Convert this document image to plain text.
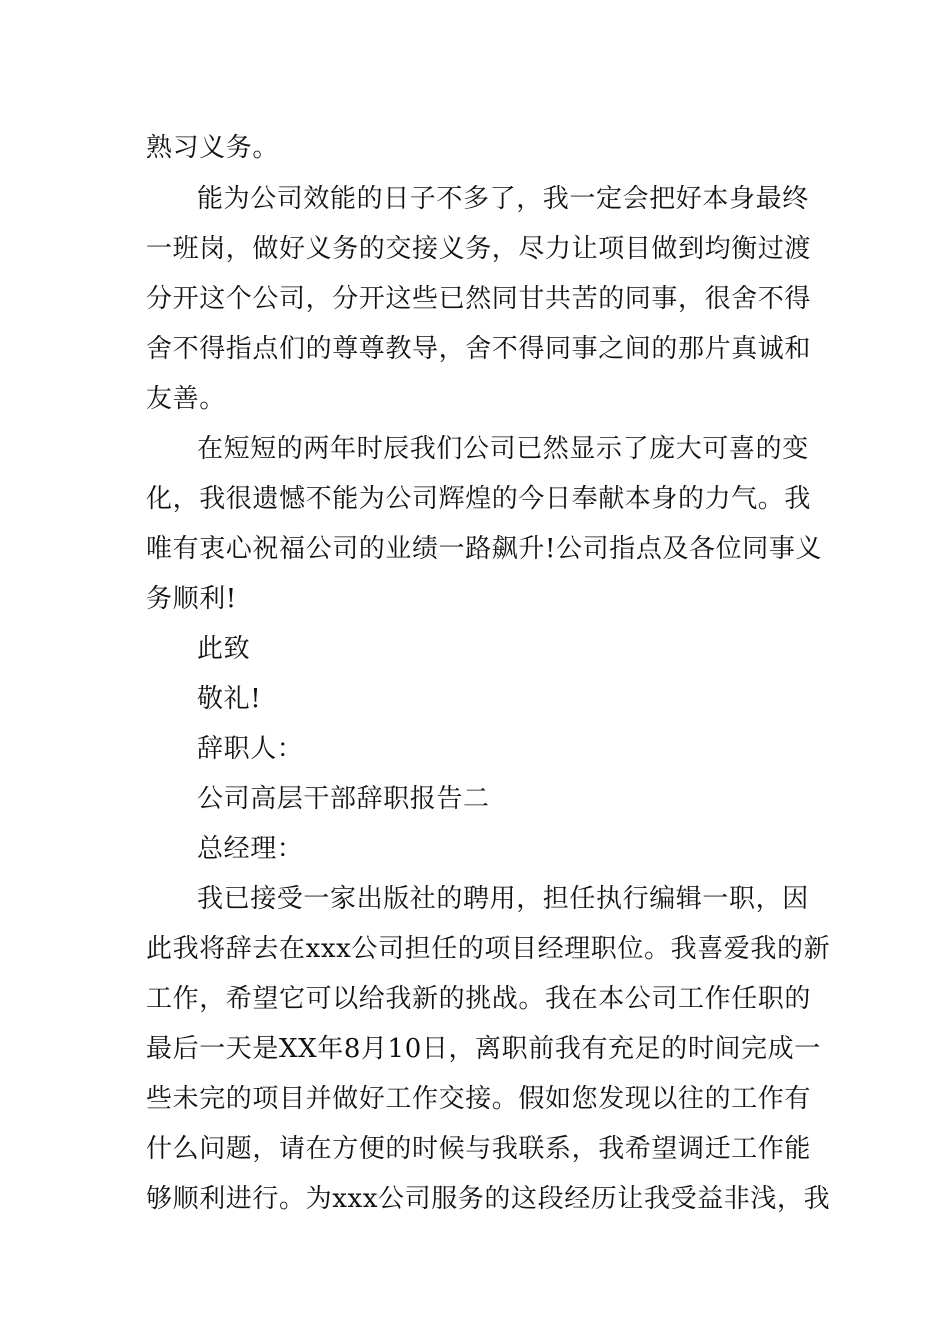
熟习义务。
能为公司效能的日子不多了，我一定会把好本身最终
一班岗，做好义务的交接义务，尽力让项目做到均衡过渡
分开这个公司，分开这些已然同甘共苦的同事，很舍不得
舍不得指点们的尊尊教导，舍不得同事之间的那片真诚和
友善。
在短短的两年时辰我们公司已然显示了庞大可喜的变
化，我很遗憾不能为公司辉煌的今日奉献本身的力气。我
唯有衷心祝福公司的业绩一路飙升!公司指点及各位同事义
务顺利!
此致
敬礼!
辞职人：
公司高层干部辞职报告二
总经理：
我已接受一家出版社的聘用，担任执行编辑一职，因
此我将辞去在xxx公司担任的项目经理职位。我喜爱我的新
工作，希望它可以给我新的挑战。我在本公司工作任职的
最后一天是XX年8月10日，离职前我有充足的时间完成一
些未完的项目并做好工作交接。假如您发现以往的工作有
什么问题，请在方便的时候与我联系，我希望调迁工作能
够顺利进行。为xxx公司服务的这段经历让我受益非浅，我
